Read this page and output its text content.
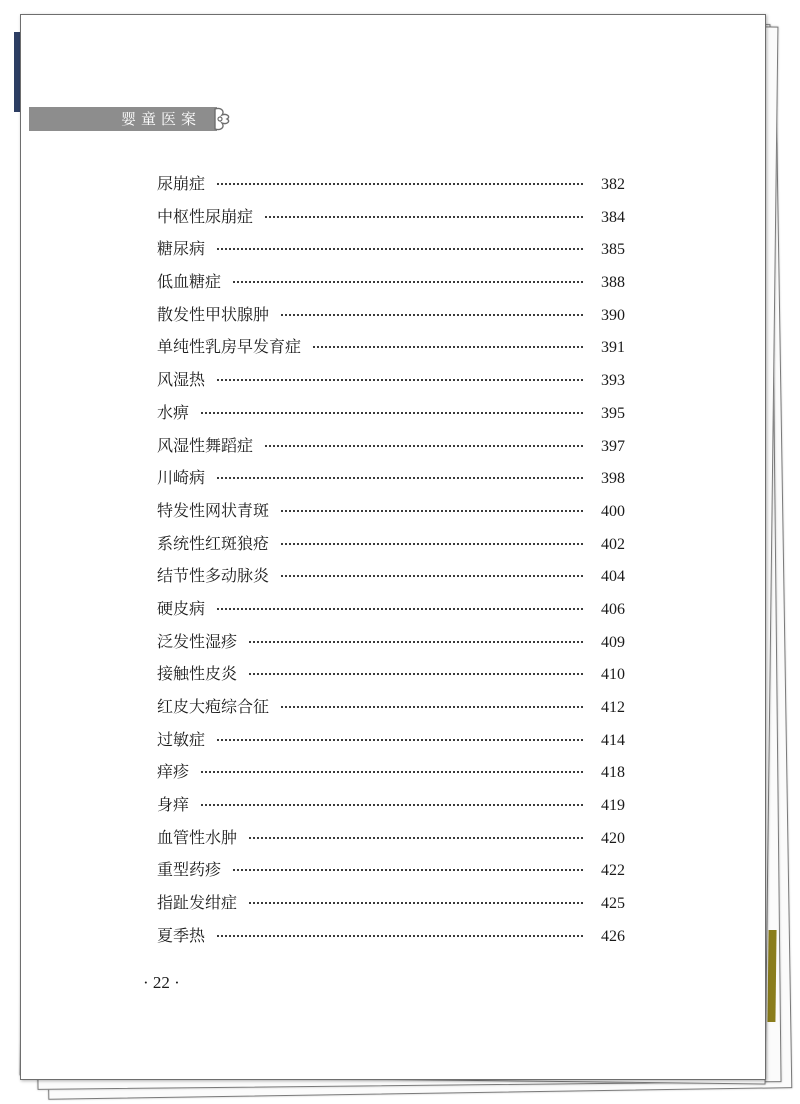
婴童医案
尿崩症	382
中枢性尿崩症	384
糖尿病	385
低血糖症	388
散发性甲状腺肿	390
单纯性乳房早发育症	391
风湿热	393
水痹	395
风湿性舞蹈症	397
川崎病	398
特发性网状青斑	400
系统性红斑狼疮	402
结节性多动脉炎	404
硬皮病	406
泛发性湿疹	409
接触性皮炎	410
红皮大疱综合征	412
过敏症	414
痒疹	418
身痒	419
血管性水肿	420
重型药疹	422
指趾发绀症	425
夏季热	426
· 22 ·
